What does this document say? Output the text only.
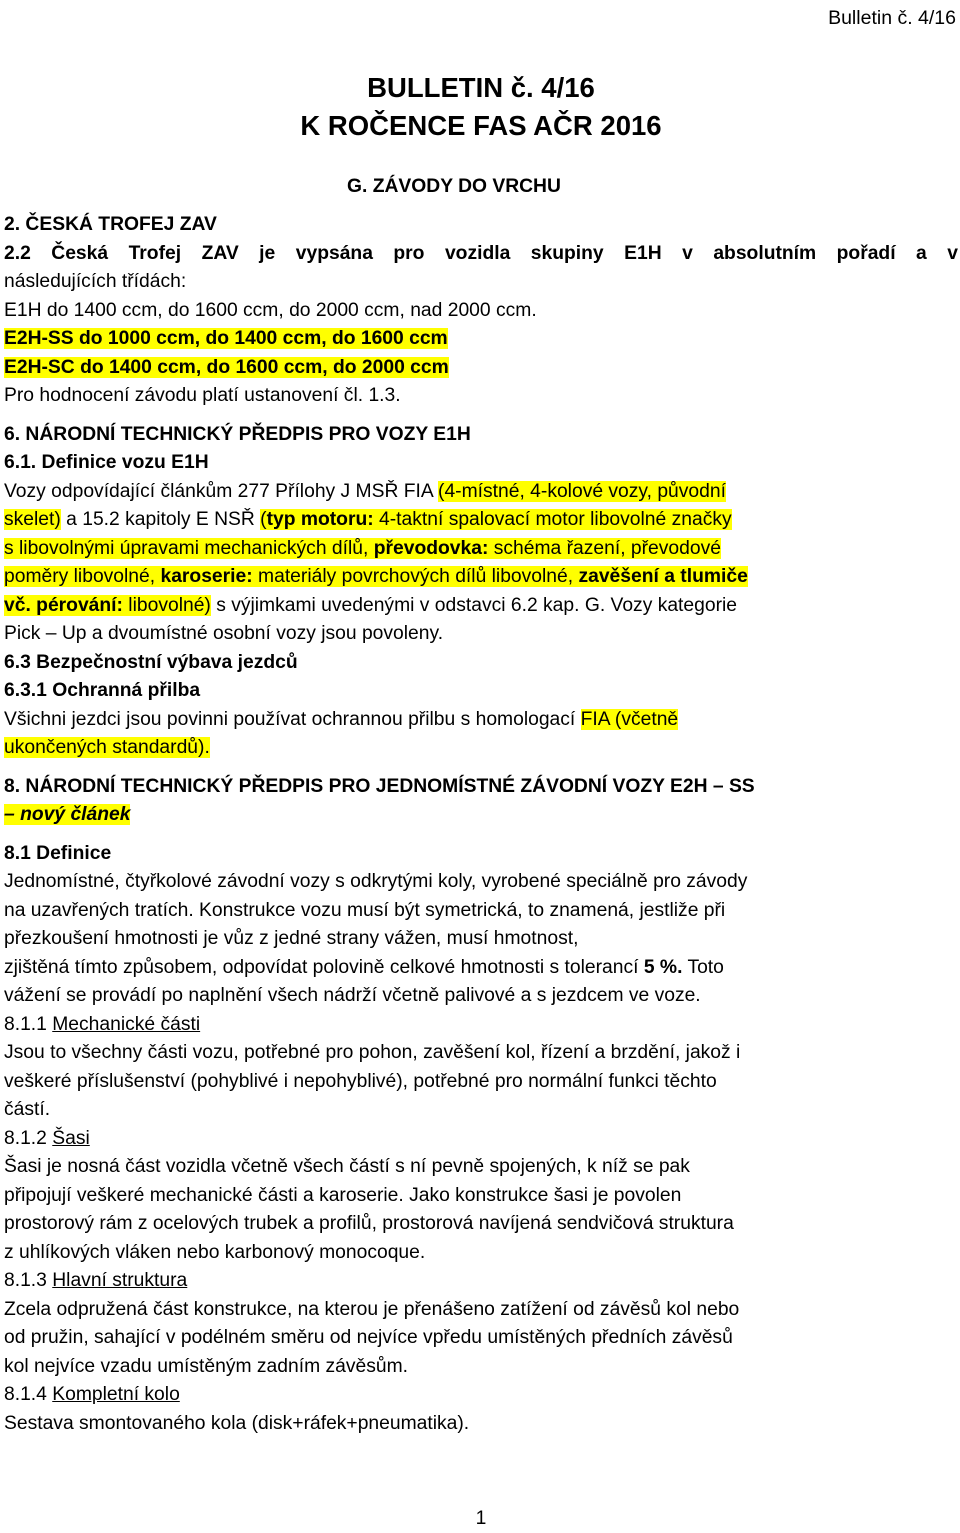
Bulletin č. 4/16
BULLETIN č. 4/16
K ROČENCE FAS AČR 2016
G. ZÁVODY DO VRCHU
2. ČESKÁ TROFEJ ZAV
2.2 Česká Trofej ZAV je vypsána pro vozidla skupiny E1H v absolutním pořadí a v
následujících třídách:
E1H do 1400 ccm, do 1600 ccm, do 2000 ccm, nad 2000 ccm.
E2H-SS do 1000 ccm, do 1400 ccm, do 1600 ccm
E2H-SC do 1400 ccm, do 1600 ccm, do 2000 ccm
Pro hodnocení závodu platí ustanovení čl. 1.3.
6. NÁRODNÍ TECHNICKÝ PŘEDPIS PRO VOZY E1H
6.1. Definice vozu E1H
Vozy odpovídající článkům 277 Přílohy J MSŘ FIA (4-místné, 4-kolové vozy, původní
skelet) a 15.2 kapitoly E NSŘ (typ motoru: 4-taktní spalovací motor libovolné značky
s libovolnými úpravami mechanických dílů, převodovka: schéma řazení, převodové
poměry libovolné, karoserie: materiály povrchových dílů libovolné, zavěšení a tlumiče
vč. pérování: libovolné) s výjimkami uvedenými v odstavci 6.2 kap. G. Vozy kategorie
Pick – Up a dvoumístné osobní vozy jsou povoleny.
6.3 Bezpečnostní výbava jezdců
6.3.1 Ochranná přilba
Všichni jezdci jsou povinni používat ochrannou přilbu s homologací FIA (včetně
ukončených standardů).
8. NÁRODNÍ TECHNICKÝ PŘEDPIS PRO JEDNOMÍSTNÉ ZÁVODNÍ VOZY E2H – SS
– nový článek
8.1 Definice
Jednomístné, čtyřkolové závodní vozy s odkrytými koly, vyrobené speciálně pro závody
na uzavřených tratích. Konstrukce vozu musí být symetrická, to znamená, jestliže při
přezkoušení hmotnosti je vůz z jedné strany vážen, musí hmotnost,
zjištěná tímto způsobem, odpovídat polovině celkové hmotnosti s tolerancí 5 %. Toto
vážení se provádí po naplnění všech nádrží včetně palivové a s jezdcem ve voze.
8.1.1 Mechanické části
Jsou to všechny části vozu, potřebné pro pohon, zavěšení kol, řízení a brzdění, jakož i
veškeré příslušenství (pohyblivé i nepohyblivé), potřebné pro normální funkci těchto
částí.
8.1.2 Šasi
Šasi je nosná část vozidla včetně všech částí s ní pevně spojených, k níž se pak
připojují veškeré mechanické části a karoserie. Jako konstrukce šasi je povolen
prostorový rám z ocelových trubek a profilů, prostorová navíjená sendvičová struktura
z uhlíkových vláken nebo karbonový monocoque.
8.1.3 Hlavní struktura
Zcela odpružená část konstrukce, na kterou je přenášeno zatížení od závěsů kol nebo
od pružin, sahající v podélném směru od nejvíce vpředu umístěných předních závěsů
kol nejvíce vzadu umístěným zadním závěsům.
8.1.4 Kompletní kolo
Sestava smontovaného kola (disk+ráfek+pneumatika).
1
